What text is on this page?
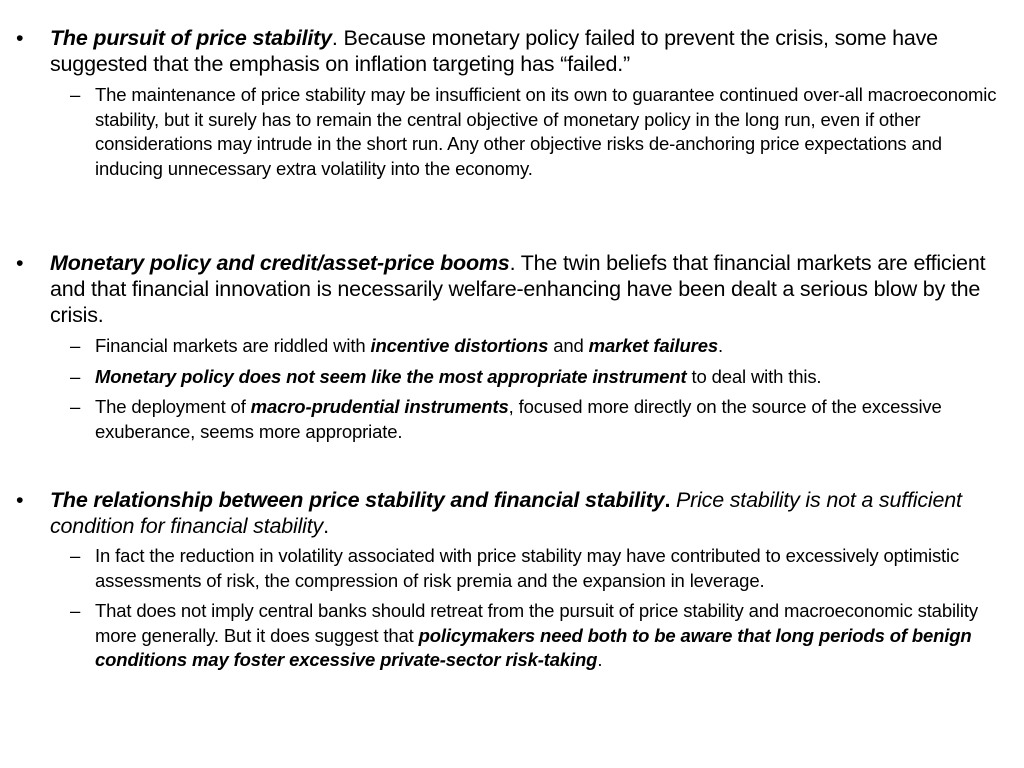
• The pursuit of price stability. Because monetary policy failed to prevent the crisis, some have suggested that the emphasis on inflation targeting has “failed.”
– The maintenance of price stability may be insufficient on its own to guarantee continued over-all macroeconomic stability, but it surely has to remain the central objective of monetary policy in the long run, even if other considerations may intrude in the short run. Any other objective risks de-anchoring price expectations and inducing unnecessary extra volatility into the economy.
• Monetary policy and credit/asset-price booms. The twin beliefs that financial markets are efficient and that financial innovation is necessarily welfare-enhancing have been dealt a serious blow by the crisis.
– Financial markets are riddled with incentive distortions and market failures.
– Monetary policy does not seem like the most appropriate instrument to deal with this.
– The deployment of macro-prudential instruments, focused more directly on the source of the excessive exuberance, seems more appropriate.
• The relationship between price stability and financial stability. Price stability is not a sufficient condition for financial stability.
– In fact the reduction in volatility associated with price stability may have contributed to excessively optimistic assessments of risk, the compression of risk premia and the expansion in leverage.
– That does not imply central banks should retreat from the pursuit of price stability and macroeconomic stability more generally. But it does suggest that policymakers need both to be aware that long periods of benign conditions may foster excessive private-sector risk-taking.
